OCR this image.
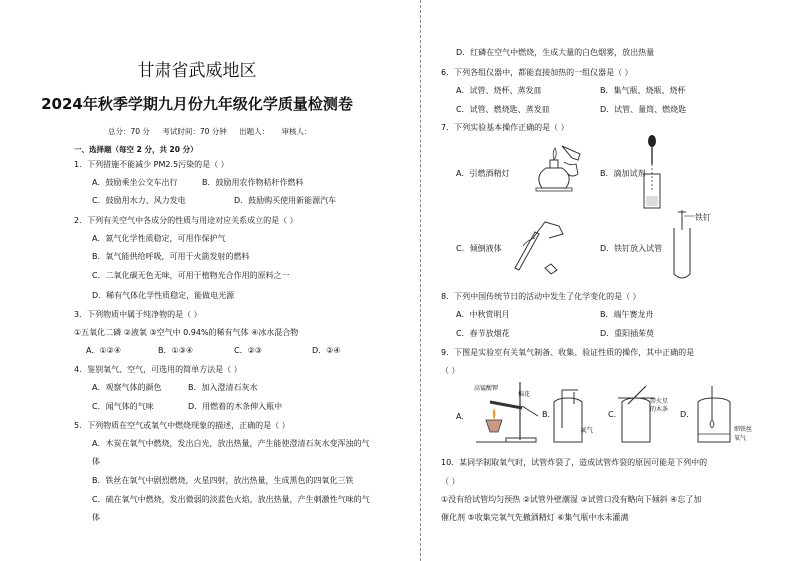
甘肃省武威地区
2024年秋季学期九月份九年级化学质量检测卷
总分：70 分 考试时间：70 分钟 出题人： 审核人：
一、选择题（每空 2 分，共 20 分）
1．下列措施不能减少 PM2.5污染的是（ ）
A．鼓励乘坐公交车出行	B．鼓励用农作物秸秆作燃料
C．鼓励用水力、风力发电	D．鼓励购买使用新能源汽车
2．下列有关空气中各成分的性质与用途对应关系成立的是（ ）
A．氮气化学性质稳定，可用作保护气
B．氧气能供给呼吸，可用于火箭发射的燃料
C．二氧化碳无色无味，可用于植物光合作用的原料之一
D．稀有气体化学性质稳定，能做电光源
3．下列物质中属于纯净物的是（ ）
①五氧化二磷 ②液氧 ③空气中 0.94%的稀有气体 ④冰水混合物
A．①②④	B．①③④	C．②③	D．②④
4．鉴别氧气、空气，可选用的简单方法是（ ）
A．观察气体的颜色	B．加入澄清石灰水
C．闻气体的气味	D．用燃着的木条伸入瓶中
5．下列物质在空气或氧气中燃烧现象的描述，正确的是（ ）
A．木炭在氧气中燃烧，发出白光，放出热量，产生能使澄清石灰水变浑浊的气
体
B．铁丝在氧气中剧烈燃烧，火星四射，放出热量，生成黑色的四氧化三铁
C．硫在氧气中燃烧，发出微弱的淡蓝色火焰，放出热量，产生刺激性气味的气
体
D．红磷在空气中燃烧，生成大量的白色烟雾，放出热量
6．下列各组仪器中，都能直接加热的一组仪器是（ ）
A．试管、烧杯、蒸发皿	B．集气瓶、烧瓶、烧杯
C．试管、燃烧匙、蒸发皿	D．试管、量筒、燃烧匙
7．下列实验基本操作正确的是（ ）
A．引燃酒精灯	B．滴加试剂
C．倾倒液体	D．铁钉放入试管
铁钉
8．下列中国传统节日的活动中发生了化学变化的是（ ）
A．中秋赏明月	B．端午赛龙舟
C．春节放烟花	D．重阳插茱萸
9．下图是实验室有关氧气制备、收集、验证性质的操作，其中正确的是
（ ）
A.	B.	C.	D.
高锰酸钾
棉花
氧气
带火星
的木条
细铁丝
氧气
10．某同学制取氧气时，试管炸裂了，造成试管炸裂的原因可能是下列中的
（ ）
①没有给试管均匀预热 ②试管外壁潮湿 ③试管口没有略向下倾斜 ④忘了加
催化剂 ⑤收集完氧气先撤酒精灯 ⑥集气瓶中水未灌满
